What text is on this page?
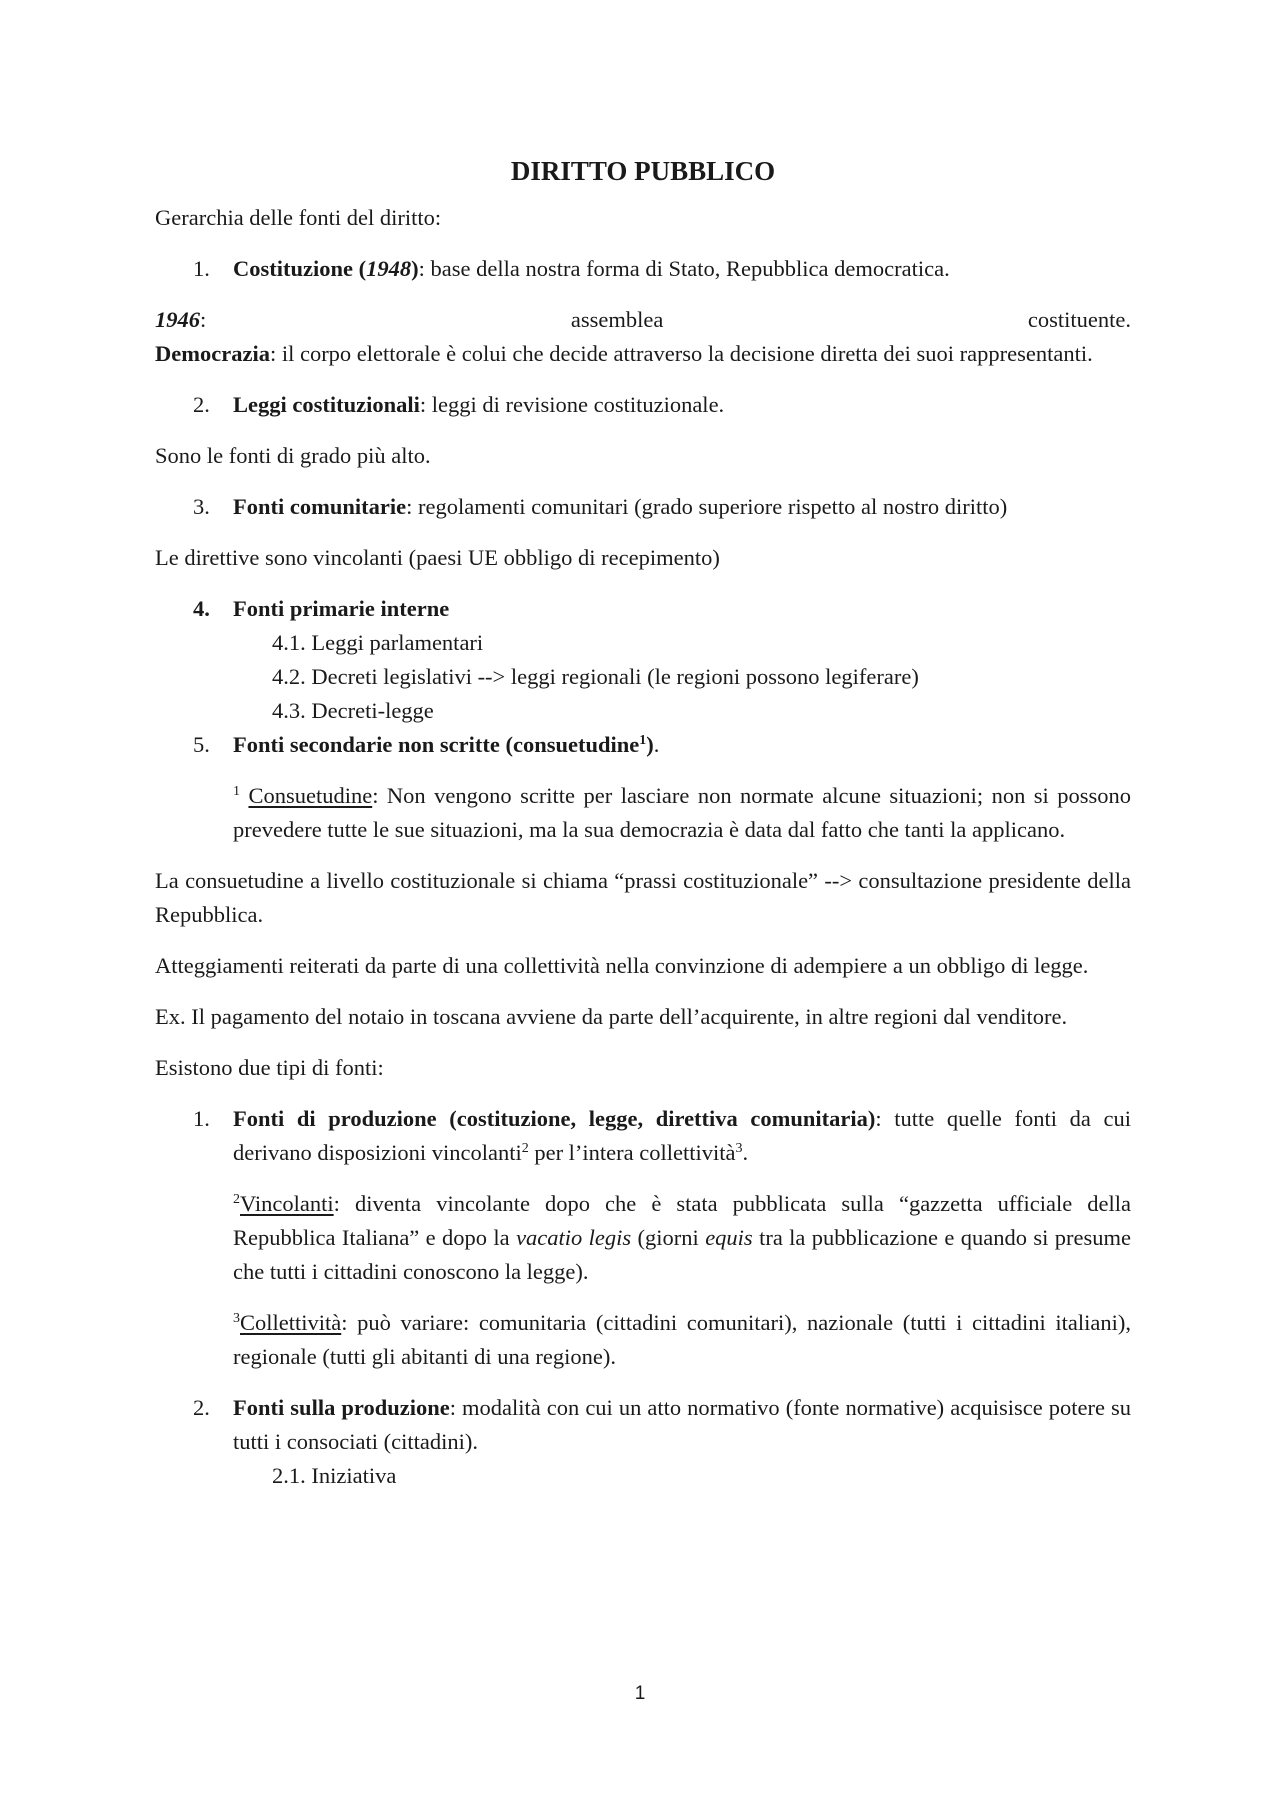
DIRITTO PUBBLICO

Gerarchia delle fonti del diritto:

1. Costituzione (1948): base della nostra forma di Stato, Repubblica democratica.

1946:	assemblea	costituente.

Democrazia: il corpo elettorale è colui che decide attraverso la decisione diretta dei suoi rappresentanti.

2. Leggi costituzionali: leggi di revisione costituzionale.

Sono le fonti di grado più alto.

3. Fonti comunitarie: regolamenti comunitari (grado superiore rispetto al nostro diritto)

Le direttive sono vincolanti (paesi UE obbligo di recepimento)

4. Fonti primarie interne

4.1. Leggi parlamentari

4.2. Decreti legislativi --> leggi regionali (le regioni possono legiferare)

4.3. Decreti-legge

5. Fonti secondarie non scritte (consuetudine$^1$).

$^1$ Consuetudine: Non vengono scritte per lasciare non normate alcune situazioni; non si possono prevedere tutte le sue situazioni, ma la sua democrazia è data dal fatto che tanti la applicano.

La consuetudine a livello costituzionale si chiama “prassi costituzionale” --> consultazione presidente della Repubblica.

Atteggiamenti reiterati da parte di una collettività nella convinzione di adempiere a un obbligo di legge.

Ex. Il pagamento del notaio in toscana avviene da parte dell’acquirente, in altre regioni dal venditore.

Esistono due tipi di fonti:

1. Fonti di produzione (costituzione, legge, direttiva comunitaria): tutte quelle fonti da cui derivano disposizioni vincolanti$^2$ per l’intera collettività$^3$.

$^2$Vincolanti: diventa vincolante dopo che è stata pubblicata sulla “gazzetta ufficiale della Repubblica Italiana” e dopo la vacatio legis (giorni equis tra la pubblicazione e quando si presume che tutti i cittadini conoscono la legge).

$^3$Collettività: può variare: comunitaria (cittadini comunitari), nazionale (tutti i cittadini italiani), regionale (tutti gli abitanti di una regione).

2. Fonti sulla produzione: modalità con cui un atto normativo (fonte normative) acquisisce potere su tutti i consociati (cittadini).

2.1. Iniziativa

1
